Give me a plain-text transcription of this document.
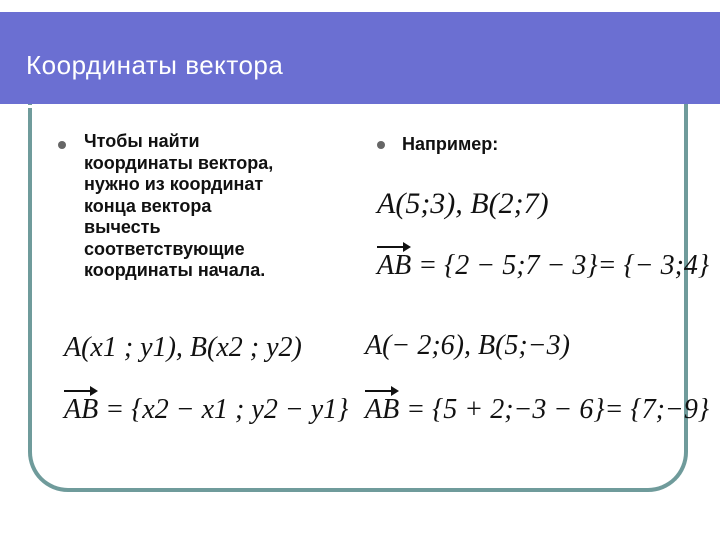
Координаты вектора
Чтобы найти
координаты вектора,
нужно из координат
конца вектора
вычесть
соответствующие
координаты начала.
Например:
A(5;3), B(2;7)
AB = {2 − 5;7 − 3}= {− 3;4}
A(x1 ; y1), B(x2 ; y2)
AB = {x2 − x1 ; y2 − y1}
A(− 2;6), B(5;−3)
AB = {5 + 2;−3 − 6}= {7;−9}
